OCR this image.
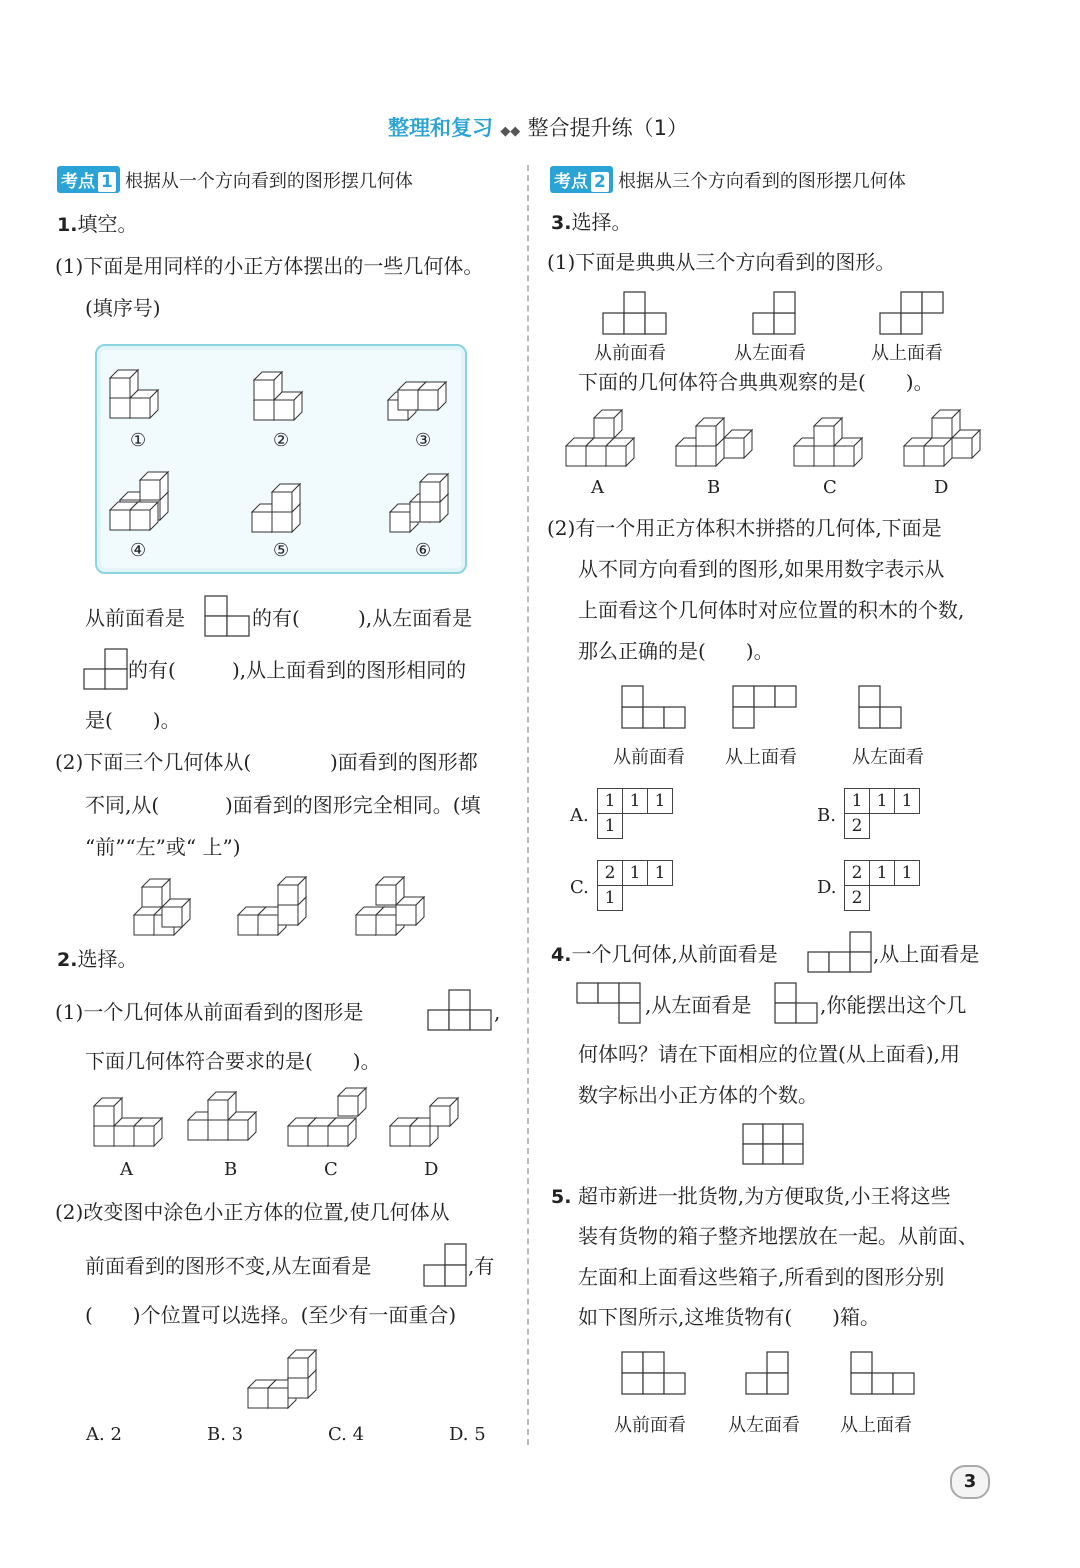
整理和复习 ◆◆ 整合提升练（1）
考点 1 根据从一个方向看到的图形摆几何体
1.填空。
(1)下面是用同样的小正方体摆出的一些几何体。
(填序号)
①	②	③
④	⑤	⑥
从前面看是	的有(	),从左面看是
的有(	),从上面看到的图形相同的
是(　　)。
(2)下面三个几何体从(	)面看到的图形都
不同,从(	)面看到的图形完全相同。(填
“前”“左”或“ 上”)
2.选择。
(1)一个几何体从前面看到的图形是	,
下面几何体符合要求的是(　　)。
A	B	C	D
(2)改变图中涂色小正方体的位置,使几何体从
前面看到的图形不变,从左面看是	,有
(　　)个位置可以选择。(至少有一面重合)
A. 2	B. 3	C. 4	D. 5
考点 2 根据从三个方向看到的图形摆几何体
3.选择。
(1)下面是典典从三个方向看到的图形。
从前面看	从左面看	从上面看
下面的几何体符合典典观察的是(　　)。
A	B	C	D
(2)有一个用正方体积木拼搭的几何体,下面是
从不同方向看到的图形,如果用数字表示从
上面看这个几何体时对应位置的积木的个数,
那么正确的是(　　)。
从前面看 从上面看	从左面看
A.
1	1	1
1			B.
1	1	1
2		
C.
2	1	1
1			D.
2	1	1
2		
4.一个几何体,从前面看是	,从上面看是
,从左面看是	,你能摆出这个几
何体吗？请在下面相应的位置(从上面看),用
数字标出小正方体的个数。
5. 超市新进一批货物,为方便取货,小王将这些
装有货物的箱子整齐地摆放在一起。从前面、
左面和上面看这些箱子,所看到的图形分别
如下图所示,这堆货物有(　　)箱。
从前面看 从左面看 从上面看
3
